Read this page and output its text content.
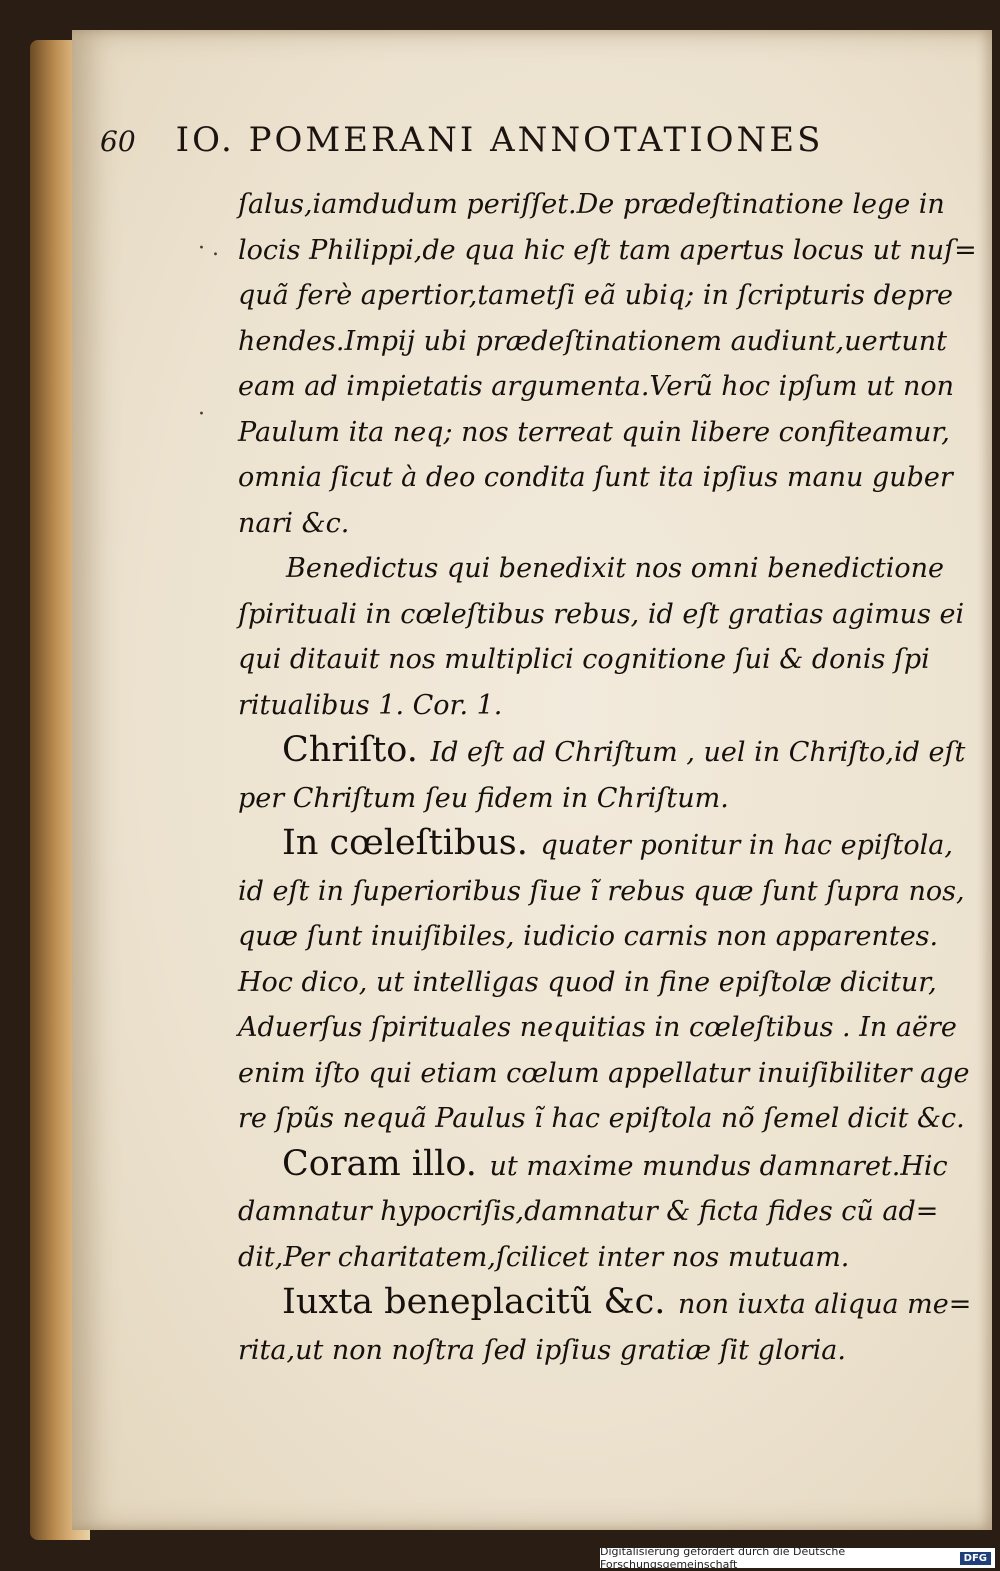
60 IO. POMERANI ANNOTATIONES
· .
·
ſalus,iamdudum periſſet.De prædeſtinatione lege in
locis Philippi,de qua hic eſt tam apertus locus ut nuſ=
quã ferè apertior,tametſi eã ubiq; in ſcripturis depre
hendes.Impij ubi prædeſtinationem audiunt,uertunt
eam ad impietatis argumenta.Verũ hoc ipſum ut non
Paulum ita neq; nos terreat quin libere confiteamur,
omnia ſicut à deo condita ſunt ita ipſius manu guber
nari &c.
Benedictus qui benedixit nos omni benedictione
ſpirituali in cœleſtibus rebus, id eſt gratias agimus ei
qui ditauit nos multiplici cognitione ſui & donis ſpi
ritualibus 1. Cor. 1.
Chriſto. Id eſt ad Chriſtum , uel in Chriſto,id eſt
per Chriſtum ſeu fidem in Chriſtum.
In cœleſtibus. quater ponitur in hac epiſtola,
id eſt in ſuperioribus ſiue ĩ rebus quæ ſunt ſupra nos,
quæ ſunt inuiſibiles, iudicio carnis non apparentes.
Hoc dico, ut intelligas quod in fine epiſtolæ dicitur,
Aduerſus ſpirituales nequitias in cœleſtibus . In aëre
enim iſto qui etiam cœlum appellatur inuiſibiliter age
re ſpũs nequã Paulus ĩ hac epiſtola nõ ſemel dicit &c.
Coram illo. ut maxime mundus damnaret.Hic
damnatur hypocriſis,damnatur & ficta fides cũ ad=
dit,Per charitatem,ſcilicet inter nos mutuam.
Iuxta beneplacitũ &c. non iuxta aliqua me=
rita,ut non noſtra ſed ipſius gratiæ ſit gloria.
Digitalisierung gefördert durch die Deutsche Forschungsgemeinschaft	DFG
